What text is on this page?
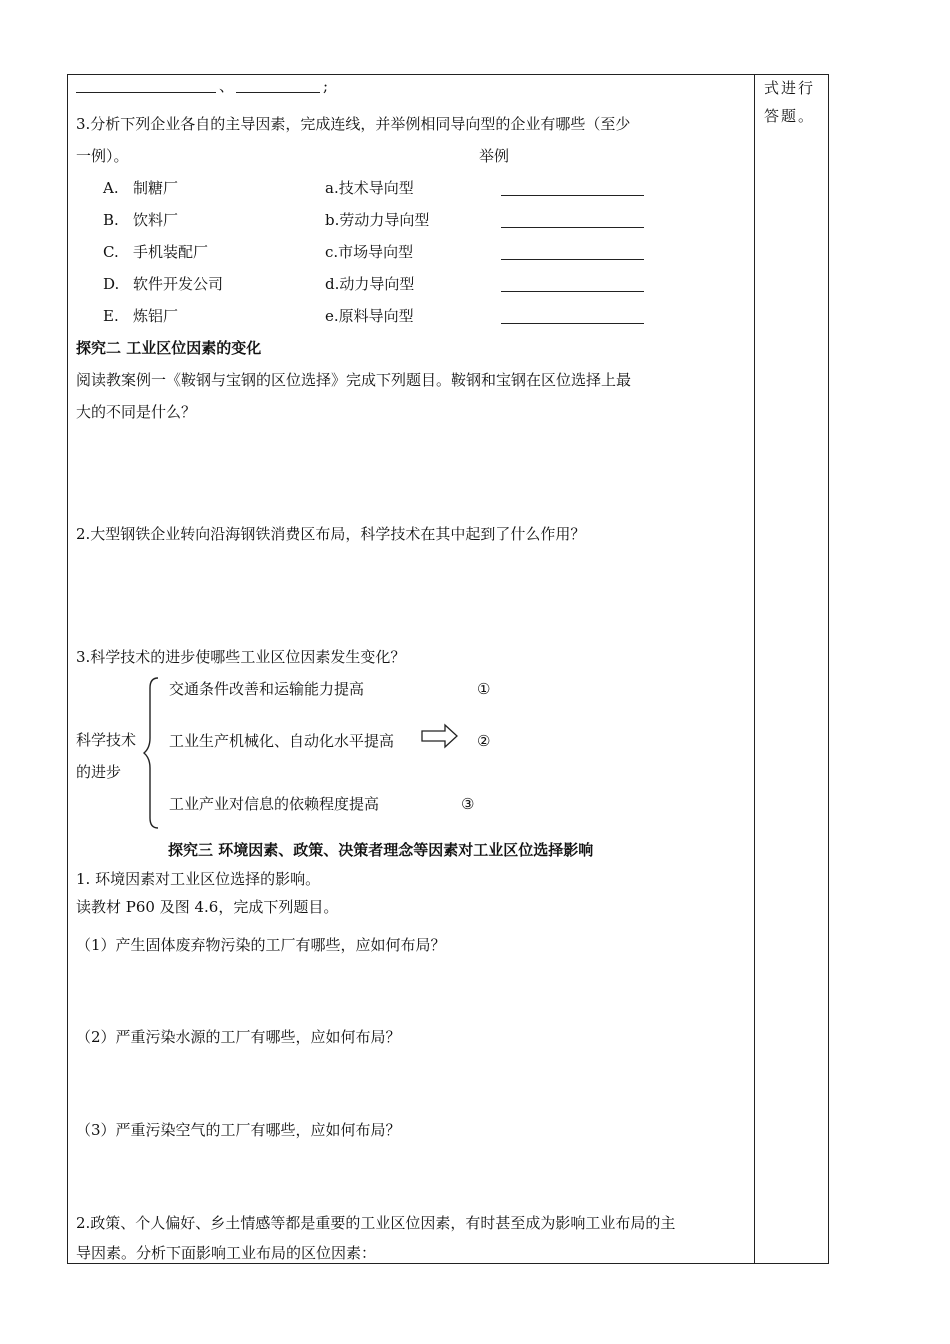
式进行答题。
、	;
3.分析下列企业各自的主导因素，完成连线，并举例相同导向型的企业有哪些（至少
一例）。	举例
A. 制糖厂	a.技术导向型
B. 饮料厂	b.劳动力导向型
C. 手机装配厂	c.市场导向型
D. 软件开发公司	d.动力导向型
E. 炼铝厂	e.原料导向型
探究二 工业区位因素的变化
阅读教案例一《鞍钢与宝钢的区位选择》完成下列题目。鞍钢和宝钢在区位选择上最
大的不同是什么？
2.大型钢铁企业转向沿海钢铁消费区布局，科学技术在其中起到了什么作用？
3.科学技术的进步使哪些工业区位因素发生变化？
科学技术
的进步
交通条件改善和运输能力提高	①
工业生产机械化、自动化水平提高	②
工业产业对信息的依赖程度提高	③
探究三 环境因素、政策、决策者理念等因素对工业区位选择影响
1. 环境因素对工业区位选择的影响。
读教材 P60 及图 4.6，完成下列题目。
（1）产生固体废弃物污染的工厂有哪些，应如何布局？
（2）严重污染水源的工厂有哪些，应如何布局？
（3）严重污染空气的工厂有哪些，应如何布局？
2.政策、个人偏好、乡土情感等都是重要的工业区位因素，有时甚至成为影响工业布局的主
导因素。分析下面影响工业布局的区位因素：
